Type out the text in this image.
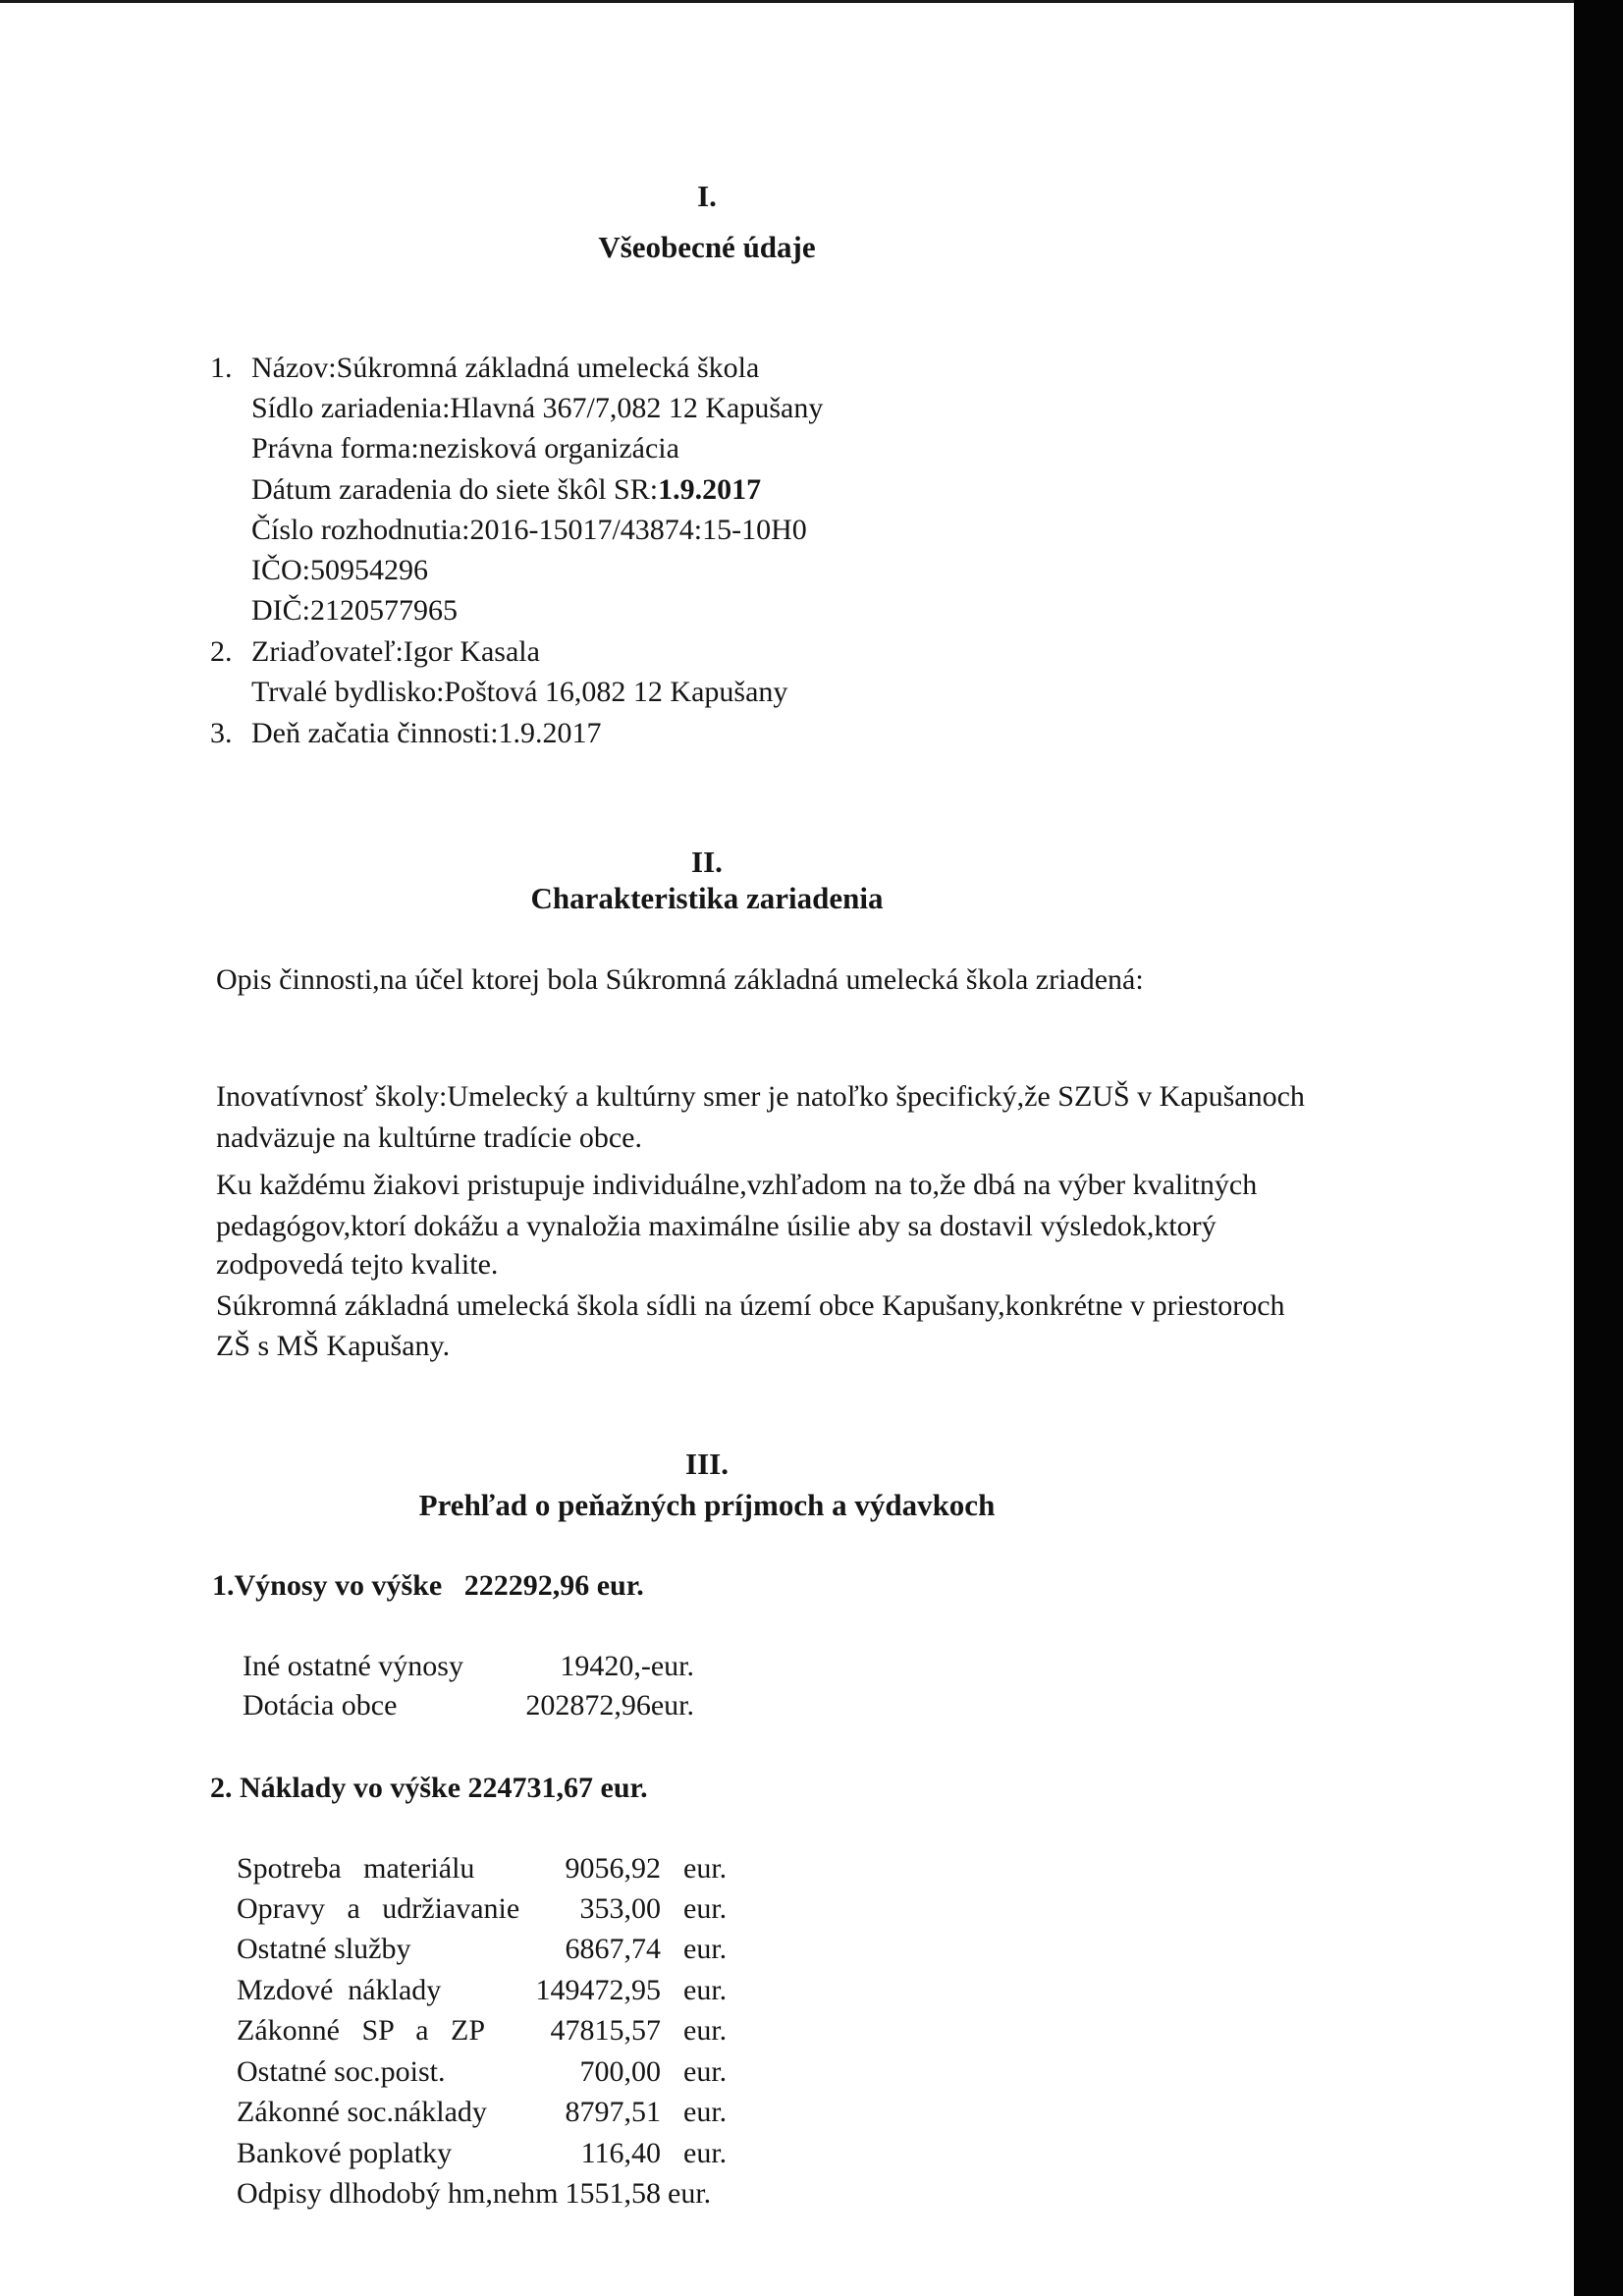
I.
Všeobecné údaje
1. Názov:Súkromná základná umelecká škola
Sídlo zariadenia:Hlavná 367/7,082 12 Kapušany
Právna forma:nezisková organizácia
Dátum zaradenia do siete škôl SR:1.9.2017
Číslo rozhodnutia:2016-15017/43874:15-10H0
IČO:50954296
DIČ:2120577965
2. Zriaďovateľ:Igor Kasala
Trvalé bydlisko:Poštová 16,082 12 Kapušany
3. Deň začatia činnosti:1.9.2017
II.
Charakteristika zariadenia
Opis činnosti,na účel ktorej bola Súkromná základná umelecká škola zriadená:
Inovatívnosť školy:Umelecký a kultúrny smer je natoľko špecifický,že SZUŠ v Kapušanoch
nadväzuje na kultúrne tradície obce.
Ku každému žiakovi pristupuje individuálne,vzhľadom na to,že dbá na výber kvalitných
pedagógov,ktorí dokážu a vynaložia maximálne úsilie aby sa dostavil výsledok,ktorý
zodpovedá tejto kvalite.
Súkromná základná umelecká škola sídli na území obce Kapušany,konkrétne v priestoroch
ZŠ s MŠ Kapušany.
III.
Prehľad o peňažných príjmoch a výdavkoch
1.Výnosy vo výške   222292,96 eur.
Iné ostatné výnosy	19420,-eur.
Dotácia obce	202872,96eur.
2. Náklady vo výške 224731,67 eur.
Spotreba   materiálu	9056,92 eur.
Opravy   a   udržiavanie 353,00 eur.
Ostatné služby	6867,74 eur.
Mzdové  náklady	149472,95 eur.
Zákonné   SP   a   ZP 47815,57 eur.
Ostatné soc.poist.	700,00 eur.
Zákonné soc.náklady	8797,51 eur.
Bankové poplatky	116,40 eur.
Odpisy dlhodobý hm,nehm 1551,58 eur.
